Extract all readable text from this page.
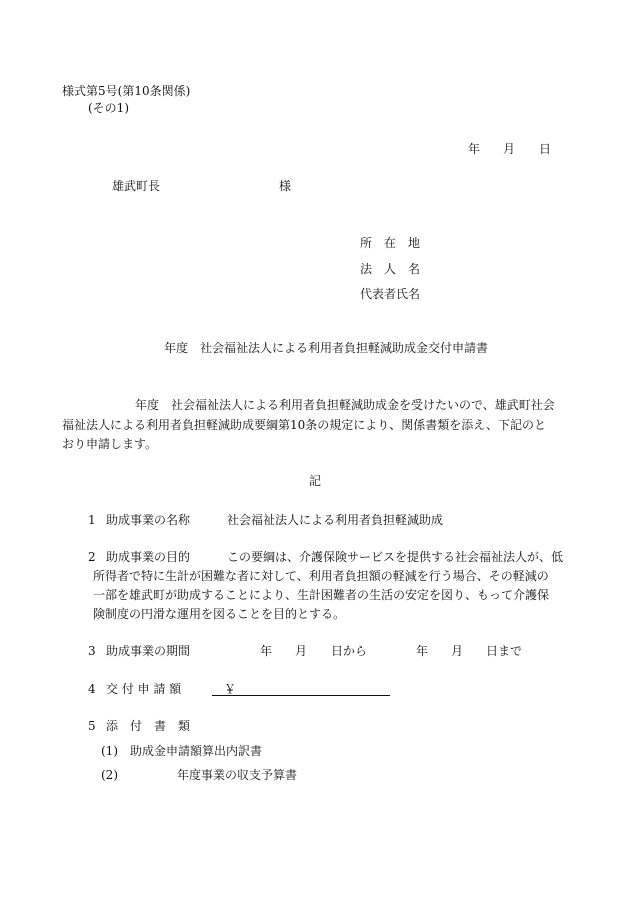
様式第5号(第10条関係)
(その1)
年 月 日
雄武町長	様
所　在　地
法　人　名
代表者氏名
年度　社会福祉法人による利用者負担軽減助成金交付申請書
年度　社会福祉法人による利用者負担軽減助成金を受けたいので、雄武町社会
福祉法人による利用者負担軽減助成要綱第10条の規定により、関係書類を添え、下記のと
おり申請します。
記
1 助成事業の名称	社会福祉法人による利用者負担軽減助成
2 助成事業の目的	この要綱は、介護保険サービスを提供する社会福祉法人が、低
所得者で特に生計が困難な者に対して、利用者負担額の軽減を行う場合、その軽減の
一部を雄武町が助成することにより、生計困難者の生活の安定を図り、もって介護保
険制度の円滑な運用を図ることを目的とする。
3 助成事業の期間	年 月 日から	年 月 日まで
4 交 付 申 請 額	￥
5 添　付　書　類
(1) 助成金申請額算出内訳書
(2)	年度事業の収支予算書
